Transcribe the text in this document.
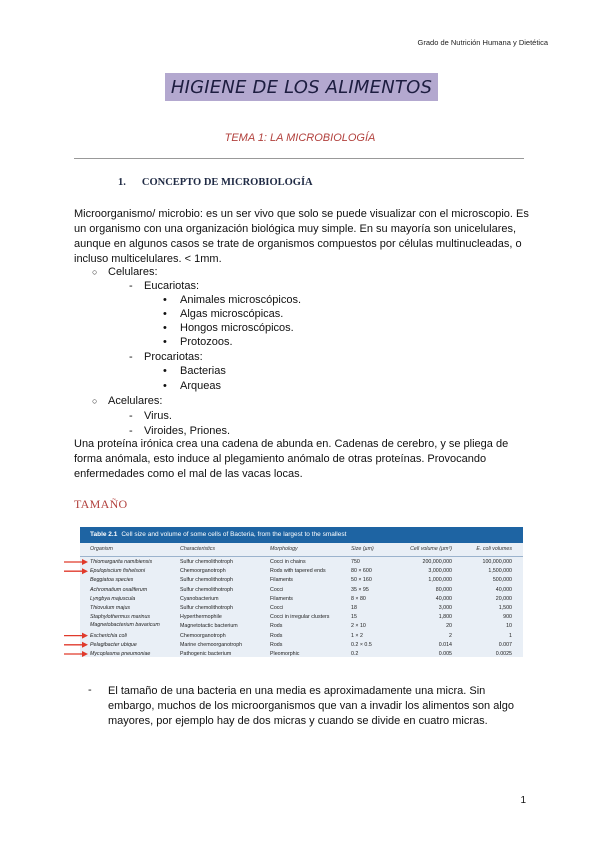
Grado de Nutrición Humana y Dietética
HIGIENE DE LOS ALIMENTOS
TEMA 1: LA MICROBIOLOGÍA
1. CONCEPTO DE MICROBIOLOGÍA
Microorganismo/ microbio: es un ser vivo que solo se puede visualizar con el microscopio. Es un organismo con una organización biológica muy simple. En su mayoría son unicelulares, aunque en algunos casos se trate de organismos compuestos por células multinucleadas, o incluso multicelulares. < 1mm.
○ Celulares:
- Eucariotas:
• Animales microscópicos.
• Algas microscópicas.
• Hongos microscópicos.
• Protozoos.
- Procariotas:
• Bacterias
• Arqueas
○ Acelulares:
- Virus.
- Viroides, Priones.
Una proteína irónica crea una cadena de abunda en. Cadenas de cerebro, y se pliega de forma anómala, esto induce al plegamiento anómalo de otras proteínas. Provocando enfermedades como el mal de las vacas locas.
TAMAÑO
Table 2.1 Cell size and volume of some cells of Bacteria, from the largest to the smallest
Organism	Characteristics	Morphology	Size (µm)	Cell volume (µm³)	E. coli volumes
Thiomargarita namibiensis	Sulfur chemolithotroph	Cocci in chains	750	200,000,000	100,000,000
Epulopiscium fishelsoni	Chemoorganotroph	Rods with tapered ends	80 × 600	3,000,000	1,500,000
Beggiatoa species	Sulfur chemolithotroph	Filaments	50 × 160	1,000,000	500,000
Achromatium oxaliferum	Sulfur chemolithotroph	Cocci	35 × 95	80,000	40,000
Lyngbya majuscula	Cyanobacterium	Filaments	8 × 80	40,000	20,000
Thiovulum majus	Sulfur chemolithotroph	Cocci	18	3,000	1,500
Staphylothermus marinus	Hyperthermophile	Cocci in irregular clusters	15	1,800	900
Magnetobacterium bavaricum	Magnetotactic bacterium	Rods	2 × 10	20	10
Escherichia coli	Chemoorganotroph	Rods	1 × 2	2	1
Pelagibacter ubique	Marine chemoorganotroph	Rods	0.2 × 0.5	0.014	0.007
Mycoplasma pneumoniae	Pathogenic bacterium	Pleomorphic	0.2	0.005	0.0025
- El tamaño de una bacteria en una media es aproximadamente una micra. Sin embargo, muchos de los microorganismos que van a invadir los alimentos son algo mayores, por ejemplo hay de dos micras y cuando se divide en cuatro micras.
1
